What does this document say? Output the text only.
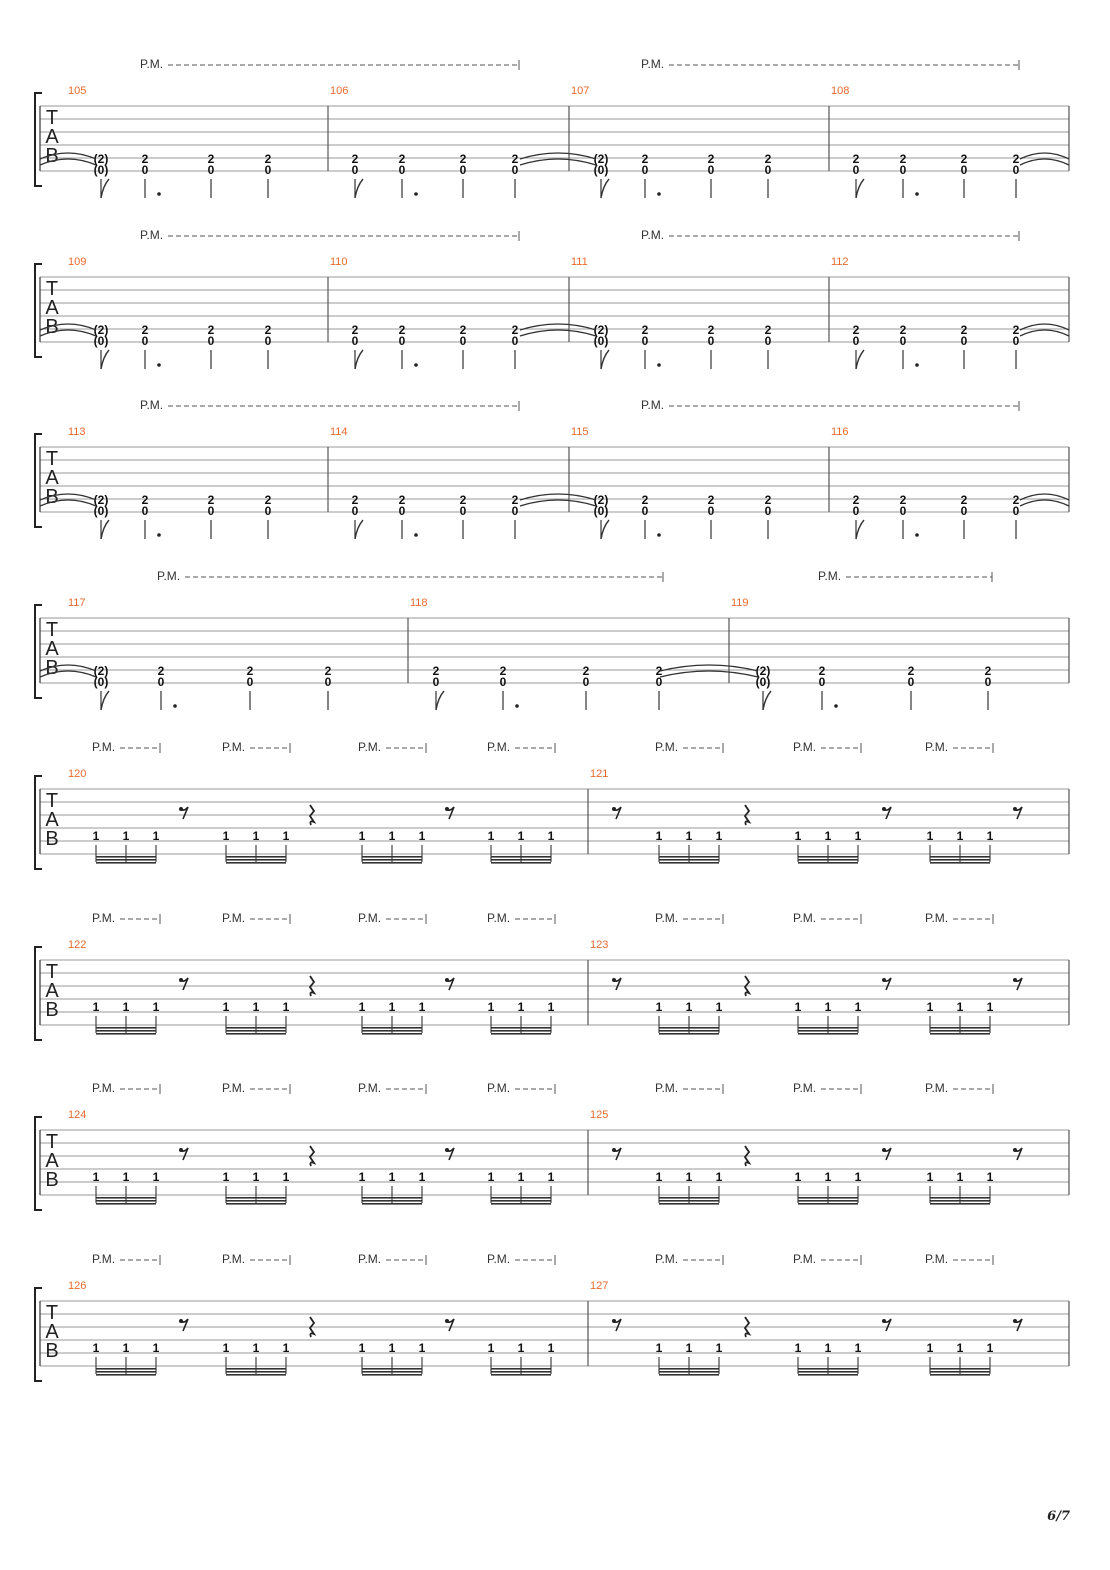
T
A
B
105	106	107	108
P.M.	P.M.
(2)
(0)
2
0
2
0
2
0
2
0
2
0
2
0
2
0
(2)
(0)
2
0
2
0
2
0
2
0
2
0
2
0
2
0
T
A
B
109	110	111	112
P.M.	P.M.
(2)
(0)
2
0
2
0
2
0
2
0
2
0
2
0
2
0
(2)
(0)
2
0
2
0
2
0
2
0
2
0
2
0
2
0
T
A
B
113	114	115	116
P.M.	P.M.
(2)
(0)
2
0
2
0
2
0
2
0
2
0
2
0
2
0
(2)
(0)
2
0
2
0
2
0
2
0
2
0
2
0
2
0
T
A
B
117	118	119
P.M.	P.M.
(2)
(0)
2
0
2
0
2
0
2
0
2
0
2
0
2
0
(2)
(0)
2
0
2
0
2
0
T
A
B
120	121
P.M.	P.M.	P.M.	P.M.	P.M.	P.M.	P.M.
1 1 1	1 1 1	1 1 1	1 1 1	1 1 1	1 1 1	1 1 1
T
A
B
122	123
P.M.	P.M.	P.M.	P.M.	P.M.	P.M.	P.M.
1 1 1	1 1 1	1 1 1	1 1 1	1 1 1	1 1 1	1 1 1
T
A
B
124	125
P.M.	P.M.	P.M.	P.M.	P.M.	P.M.	P.M.
1 1 1	1 1 1	1 1 1	1 1 1	1 1 1	1 1 1	1 1 1
T
A
B
126	127
P.M.	P.M.	P.M.	P.M.	P.M.	P.M.	P.M.
1 1 1	1 1 1	1 1 1	1 1 1	1 1 1	1 1 1	1 1 1
6/7
